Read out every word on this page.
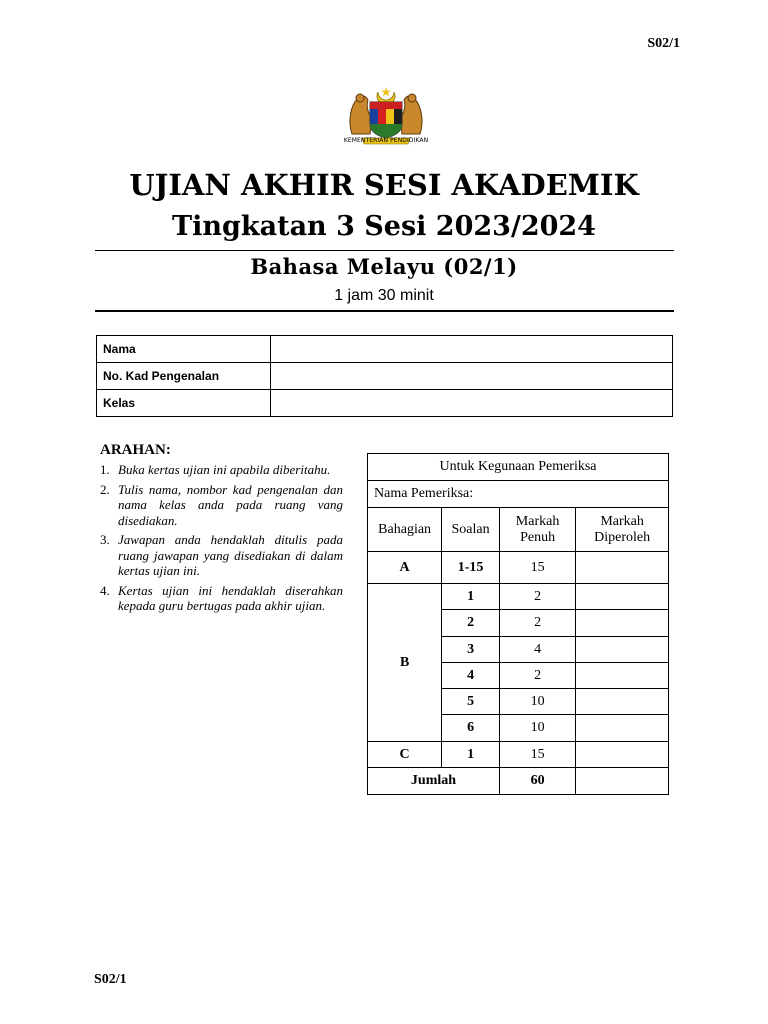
S02/1
KEMENTERIAN PENDIDIKAN
UJIAN AKHIR SESI AKADEMIK
Tingkatan 3 Sesi 2023/2024
Bahasa Melayu (02/1)
1 jam 30 minit
Nama	
No. Kad Pengenalan	
Kelas	
ARAHAN:
1. Buka kertas ujian ini apabila diberitahu.
2. Tulis nama, nombor kad pengenalan dan nama kelas anda pada ruang vang disediakan.
3. Jawapan anda hendaklah ditulis pada ruang jawapan yang disediakan di dalam kertas ujian ini.
4. Kertas ujian ini hendaklah diserahkan kepada guru bertugas pada akhir ujian.
Untuk Kegunaan Pemeriksa			
Nama Pemeriksa:			
Bahagian	Soalan	Markah Penuh	Markah Diperoleh
A	1-15	15	
B	1	2	
	2	2	
	3	4	
	4	2	
	5	10	
	6	10	
C	1	15	
Jumlah		60	
S02/1
